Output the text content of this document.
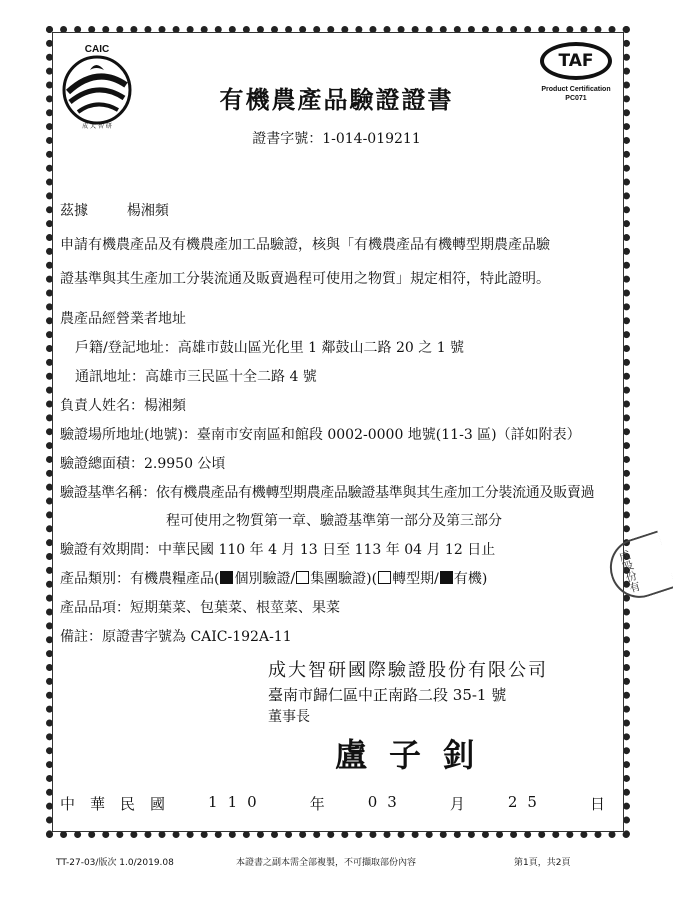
CAIC
成 大 智 研
TAF
Product Certification
PC071
有機農產品驗證證書
證書字號：1-014-019211
茲據	楊湘頻
申請有機農產品及有機農產加工品驗證，核與「有機農產品有機轉型期農產品驗
證基準與其生產加工分裝流通及販賣過程可使用之物質」規定相符，特此證明。
農產品經營業者地址
戶籍/登記地址：高雄市鼓山區光化里 1 鄰鼓山二路 20 之 1 號
通訊地址：高雄市三民區十全二路 4 號
負責人姓名：楊湘頻
驗證場所地址(地號)：臺南市安南區和館段 0002-0000 地號(11-3 區)（詳如附表）
驗證總面積：2.9950 公頃
驗證基準名稱：依有機農產品有機轉型期農產品驗證基準與其生產加工分裝流通及販賣過
程可使用之物質第一章、驗證基準第一部分及第三部分
驗證有效期間：中華民國 110 年 4 月 13 日至 113 年 04 月 12 日止
產品類別：有機農糧產品( 個別驗證/ 集團驗證)( 轉型期/ 有機)
產品品項：短期葉菜、包葉菜、根莖菜、果菜
備註：原證書字號為 CAIC-192A-11
成大智研國際驗證股份有限公司
臺南市歸仁區中正南路二段 35-1 號
董事長
盧子釗
中　華　民　國	110	年	03	月	25	日
成股份有
TT-27-03/版次 1.0/2019.08	本證書之副本需全部複製，不可擷取部份內容	第1頁，共2頁
